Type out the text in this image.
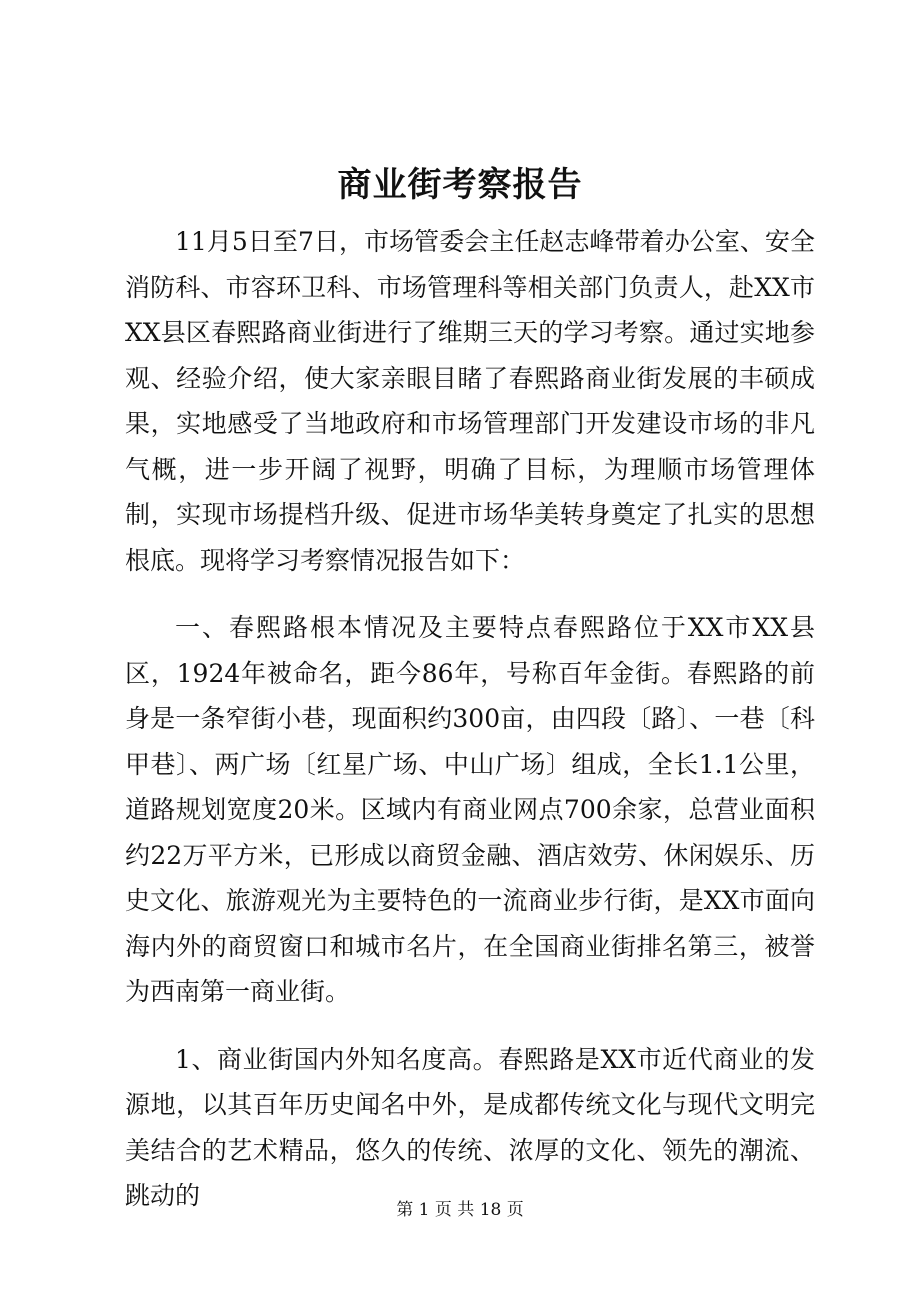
商业街考察报告

11月5日至7日，市场管委会主任赵志峰带着办公室、安全消防科、市容环卫科、市场管理科等相关部门负责人，赴XX市XX县区春熙路商业街进行了维期三天的学习考察。通过实地参观、经验介绍，使大家亲眼目睹了春熙路商业街发展的丰硕成果，实地感受了当地政府和市场管理部门开发建设市场的非凡气概，进一步开阔了视野，明确了目标，为理顺市场管理体制，实现市场提档升级、促进市场华美转身奠定了扎实的思想根底。现将学习考察情况报告如下：

一、春熙路根本情况及主要特点春熙路位于XX市XX县区，1924年被命名，距今86年，号称百年金街。春熙路的前身是一条窄街小巷，现面积约300亩，由四段〔路〕、一巷〔科甲巷〕、两广场〔红星广场、中山广场〕组成，全长1.1公里，道路规划宽度20米。区域内有商业网点700余家，总营业面积约22万平方米，已形成以商贸金融、酒店效劳、休闲娱乐、历史文化、旅游观光为主要特色的一流商业步行街，是XX市面向海内外的商贸窗口和城市名片，在全国商业街排名第三，被誉为西南第一商业街。

1、商业街国内外知名度高。春熙路是XX市近代商业的发源地，以其百年历史闻名中外，是成都传统文化与现代文明完美结合的艺术精品，悠久的传统、浓厚的文化、领先的潮流、跳动的	第 1 页 共 18 页
